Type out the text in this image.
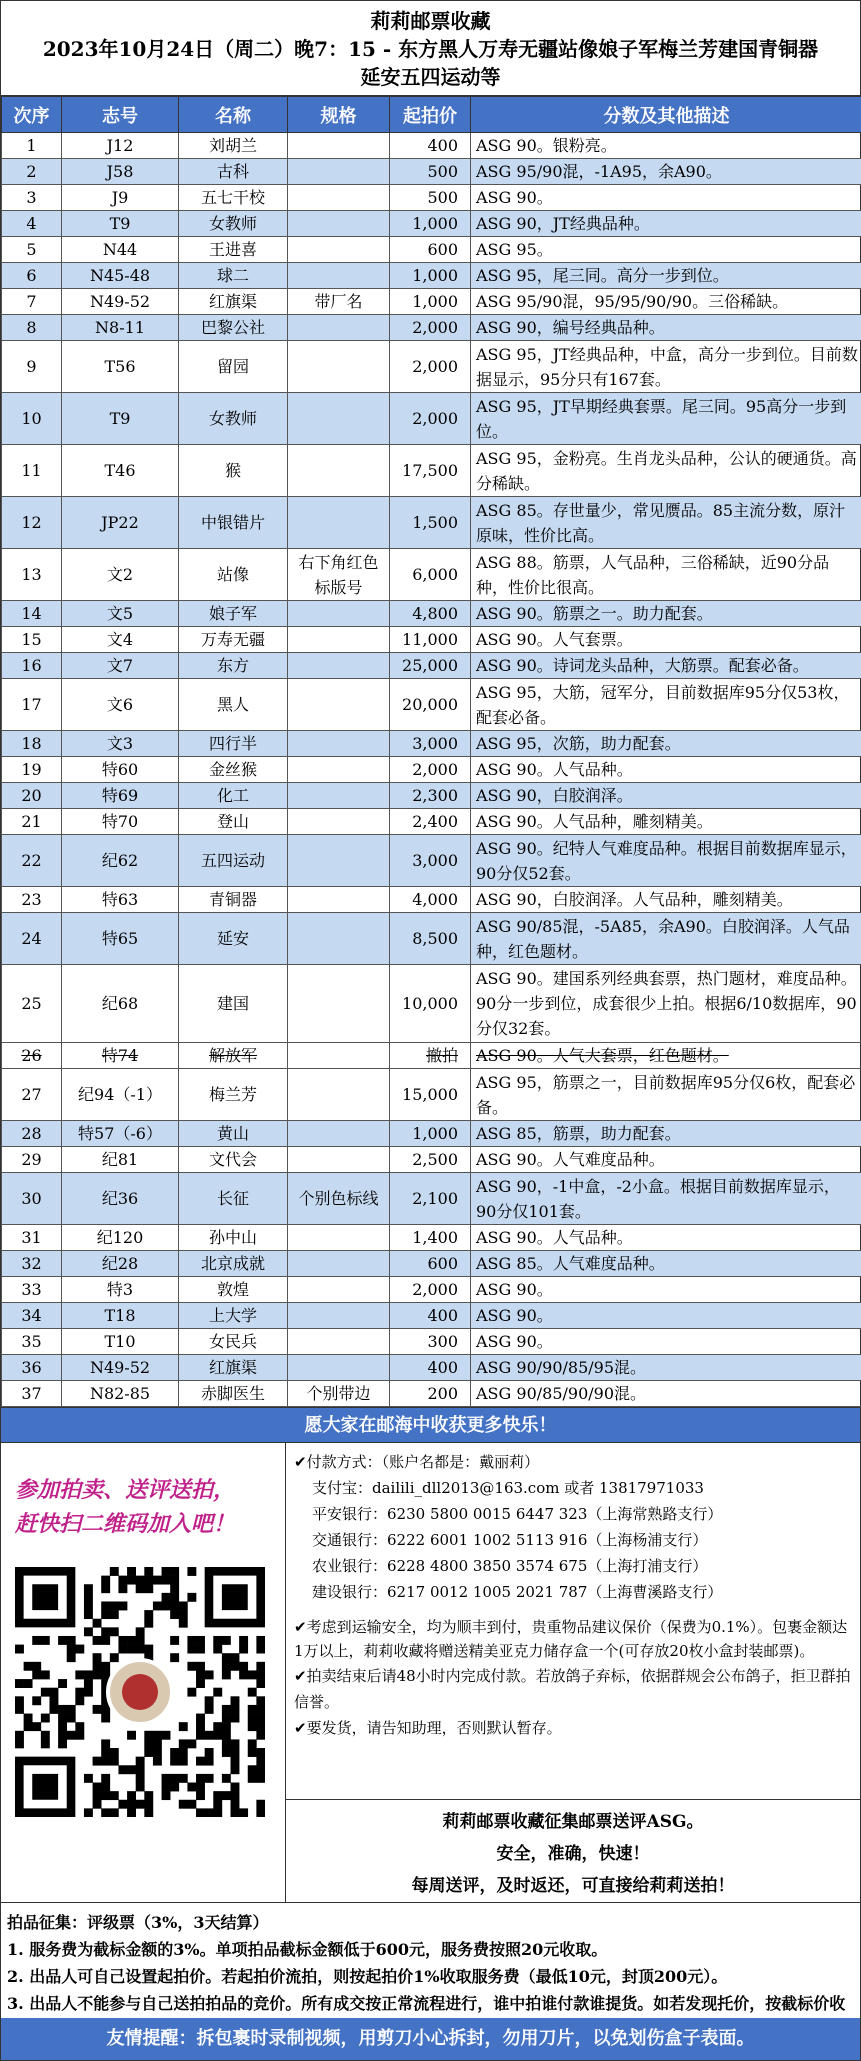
莉莉邮票收藏
2023年10月24日（周二）晚7：15 - 东方黑人万寿无疆站像娘子军梅兰芳建国青铜器
延安五四运动等
次序	志号	名称	规格	起拍价	分数及其他描述
1	J12	刘胡兰		400	ASG 90。银粉亮。
2	J58	古科		500	ASG 95/90混，-1A95，余A90。
3	J9	五七干校		500	ASG 90。
4	T9	女教师		1,000	ASG 90，JT经典品种。
5	N44	王进喜		600	ASG 95。
6	N45-48	球二		1,000	ASG 95，尾三同。高分一步到位。
7	N49-52	红旗渠	带厂名	1,000	ASG 95/90混，95/95/90/90。三俗稀缺。
8	N8-11	巴黎公社		2,000	ASG 90，编号经典品种。
9	T56	留园		2,000	ASG 95，JT经典品种，中盒，高分一步到位。目前数据显示，95分只有167套。
10	T9	女教师		2,000	ASG 95，JT早期经典套票。尾三同。95高分一步到位。
11	T46	猴		17,500	ASG 95，金粉亮。生肖龙头品种，公认的硬通货。高分稀缺。
12	JP22	中银错片		1,500	ASG 85。存世量少，常见赝品。85主流分数，原汁原味，性价比高。
13	文2	站像	右下角红色标版号	6,000	ASG 88。筋票，人气品种，三俗稀缺，近90分品种，性价比很高。
14	文5	娘子军		4,800	ASG 90。筋票之一。助力配套。
15	文4	万寿无疆		11,000	ASG 90。人气套票。
16	文7	东方		25,000	ASG 90。诗词龙头品种，大筋票。配套必备。
17	文6	黑人		20,000	ASG 95，大筋，冠军分，目前数据库95分仅53枚，配套必备。
18	文3	四行半		3,000	ASG 95，次筋，助力配套。
19	特60	金丝猴		2,000	ASG 90。人气品种。
20	特69	化工		2,300	ASG 90，白胶润泽。
21	特70	登山		2,400	ASG 90。人气品种，雕刻精美。
22	纪62	五四运动		3,000	ASG 90。纪特人气难度品种。根据目前数据库显示，90分仅52套。
23	特63	青铜器		4,000	ASG 90，白胶润泽。人气品种，雕刻精美。
24	特65	延安		8,500	ASG 90/85混，-5A85，余A90。白胶润泽。人气品种，红色题材。
25	纪68	建国		10,000	ASG 90。建国系列经典套票，热门题材，难度品种。90分一步到位，成套很少上拍。根据6/10数据库，90分仅32套。
26	特74	解放军		撤拍	ASG 90。人气大套票，红色题材。
27	纪94（-1）	梅兰芳		15,000	ASG 95，筋票之一，目前数据库95分仅6枚，配套必备。
28	特57（-6）	黄山		1,000	ASG 85，筋票，助力配套。
29	纪81	文代会		2,500	ASG 90。人气难度品种。
30	纪36	长征	个别色标线	2,100	ASG 90，-1中盒，-2小盒。根据目前数据库显示，90分仅101套。
31	纪120	孙中山		1,400	ASG 90。人气品种。
32	纪28	北京成就		600	ASG 85。人气难度品种。
33	特3	敦煌		2,000	ASG 90。
34	T18	上大学		400	ASG 90。
35	T10	女民兵		300	ASG 90。
36	N49-52	红旗渠		400	ASG 90/90/85/95混。
37	N82-85	赤脚医生	个别带边	200	ASG 90/85/90/90混。
愿大家在邮海中收获更多快乐！
参加拍卖、送评送拍，
赶快扫二维码加入吧！

✔付款方式：（账户名都是：戴丽莉）

支付宝：dailili_dll2013@163.com 或者 13817971033

平安银行：6230 5800 0015 6447 323（上海常熟路支行）

交通银行：6222 6001 1002 5113 916（上海杨浦支行）

农业银行：6228 4800 3850 3574 675（上海打浦支行）

建设银行：6217 0012 1005 2021 787（上海曹溪路支行）

✔考虑到运输安全，均为顺丰到付，贵重物品建议保价（保费为0.1%）。包裹金额达1万以上，莉莉收藏将赠送精美亚克力储存盒一个(可存放20枚小盒封装邮票)。

✔拍卖结束后请48小时内完成付款。若放鸽子弃标，依据群规会公布鸽子，拒卫群拍信誉。

✔要发货，请告知助理，否则默认暂存。

莉莉邮票收藏征集邮票送评ASG。
安全，准确，快速！
每周送评，及时返还，可直接给莉莉送拍！
拍品征集：评级票（3%，3天结算）
1. 服务费为截标金额的3%。单项拍品截标金额低于600元，服务费按照20元收取。
2. 出品人可自己设置起拍价。若起拍价流拍，则按起拍价1%收取服务费（最低10元，封顶200元）。
3. 出品人不能参与自己送拍拍品的竞价。所有成交按正常流程进行，谁中拍谁付款谁提货。如若发现托价，按截标价收
友情提醒：拆包裹时录制视频，用剪刀小心拆封，勿用刀片，以免划伤盒子表面。
